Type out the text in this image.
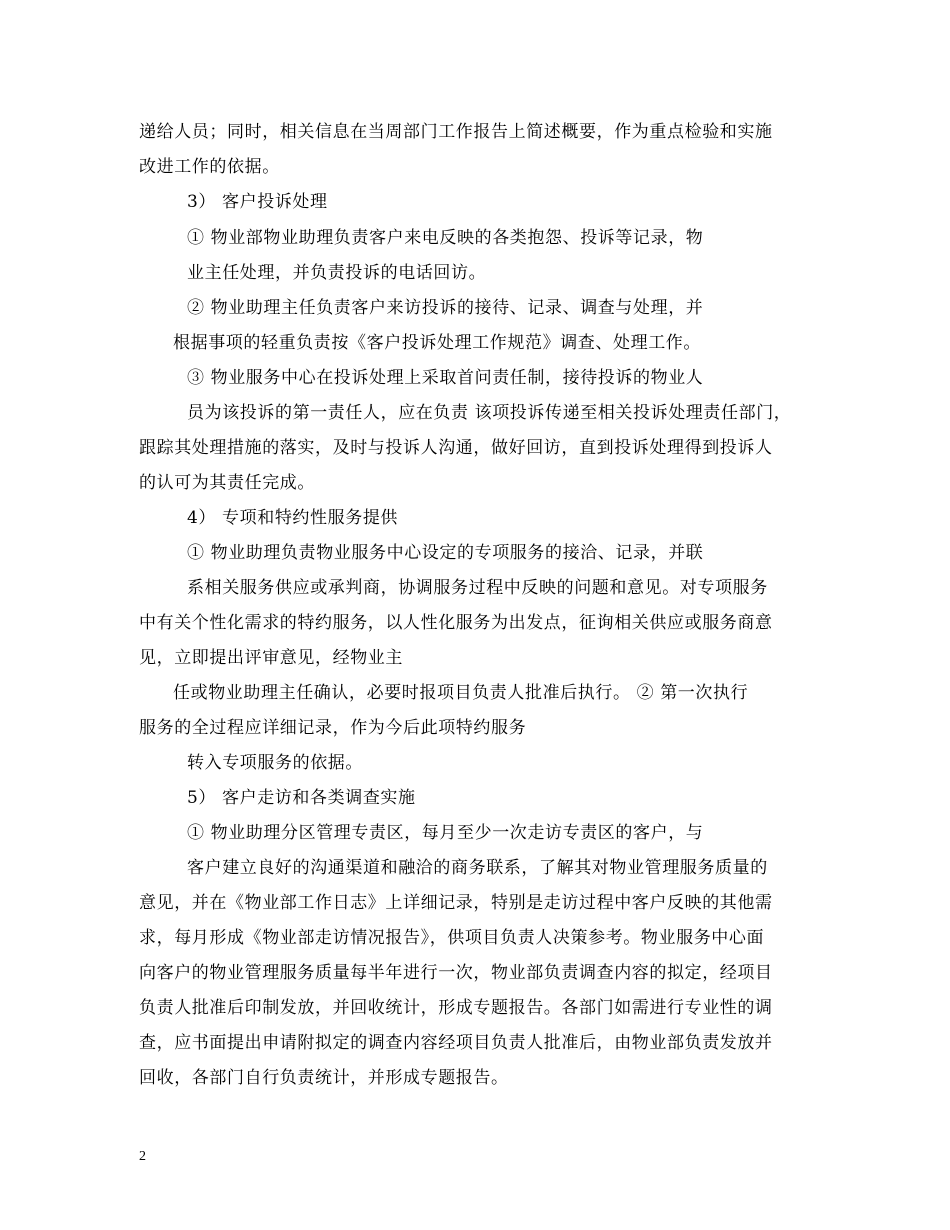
递给人员；同时，相关信息在当周部门工作报告上简述概要，作为重点检验和实施
改进工作的依据。
3） 客户投诉处理
① 物业部物业助理负责客户来电反映的各类抱怨、投诉等记录，物
业主任处理，并负责投诉的电话回访。
② 物业助理主任负责客户来访投诉的接待、记录、调查与处理，并
根据事项的轻重负责按《客户投诉处理工作规范》调查、处理工作。
③ 物业服务中心在投诉处理上采取首问责任制，接待投诉的物业人
员为该投诉的第一责任人，应在负责 该项投诉传递至相关投诉处理责任部门，
跟踪其处理措施的落实，及时与投诉人沟通，做好回访，直到投诉处理得到投诉人
的认可为其责任完成。
4） 专项和特约性服务提供
① 物业助理负责物业服务中心设定的专项服务的接洽、记录，并联
系相关服务供应或承判商，协调服务过程中反映的问题和意见。对专项服务
中有关个性化需求的特约服务，以人性化服务为出发点，征询相关供应或服务商意
见，立即提出评审意见，经物业主
任或物业助理主任确认，必要时报项目负责人批准后执行。 ② 第一次执行
服务的全过程应详细记录，作为今后此项特约服务
转入专项服务的依据。
5） 客户走访和各类调查实施
① 物业助理分区管理专责区，每月至少一次走访专责区的客户，与
客户建立良好的沟通渠道和融洽的商务联系，了解其对物业管理服务质量的
意见，并在《物业部工作日志》上详细记录，特别是走访过程中客户反映的其他需
求，每月形成《物业部走访情况报告》，供项目负责人决策参考。物业服务中心面
向客户的物业管理服务质量每半年进行一次，物业部负责调查内容的拟定，经项目
负责人批准后印制发放，并回收统计，形成专题报告。各部门如需进行专业性的调
查，应书面提出申请附拟定的调查内容经项目负责人批准后，由物业部负责发放并
回收，各部门自行负责统计，并形成专题报告。
2
